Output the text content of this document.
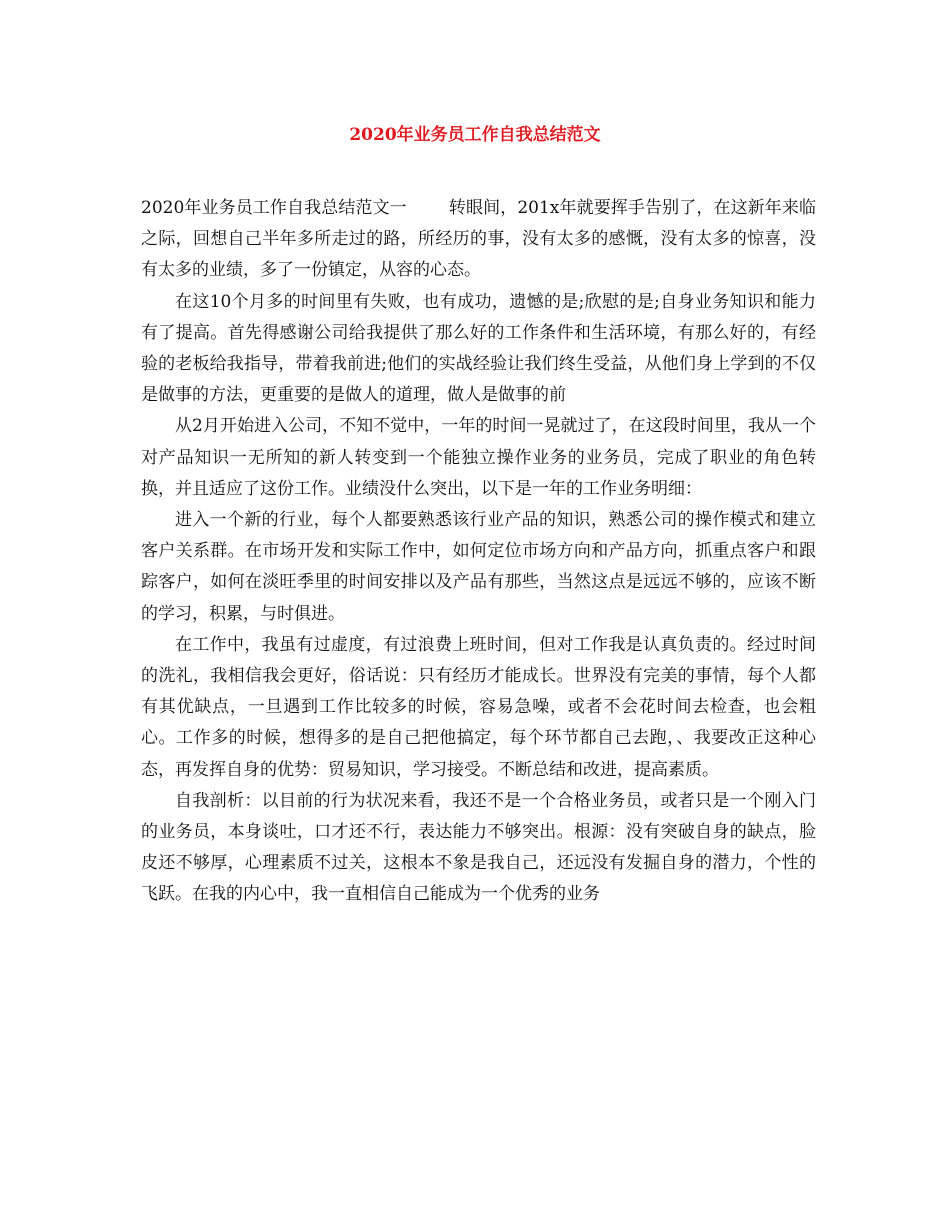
2020年业务员工作自我总结范文

2020年业务员工作自我总结范文一 转眼间，201x年就要挥手告别了，在这新年来临之际，回想自己半年多所走过的路，所经历的事，没有太多的感慨，没有太多的惊喜，没有太多的业绩，多了一份镇定，从容的心态。

在这10个月多的时间里有失败，也有成功，遗憾的是;欣慰的是;自身业务知识和能力有了提高。首先得感谢公司给我提供了那么好的工作条件和生活环境，有那么好的，有经验的老板给我指导，带着我前进;他们的实战经验让我们终生受益，从他们身上学到的不仅是做事的方法，更重要的是做人的道理，做人是做事的前

从2月开始进入公司，不知不觉中，一年的时间一晃就过了，在这段时间里，我从一个对产品知识一无所知的新人转变到一个能独立操作业务的业务员，完成了职业的角色转换，并且适应了这份工作。业绩没什么突出，以下是一年的工作业务明细：

进入一个新的行业，每个人都要熟悉该行业产品的知识，熟悉公司的操作模式和建立客户关系群。在市场开发和实际工作中，如何定位市场方向和产品方向，抓重点客户和跟踪客户，如何在淡旺季里的时间安排以及产品有那些，当然这点是远远不够的，应该不断的学习，积累，与时俱进。

在工作中，我虽有过虚度，有过浪费上班时间，但对工作我是认真负责的。经过时间的洗礼，我相信我会更好，俗话说：只有经历才能成长。世界没有完美的事情，每个人都有其优缺点，一旦遇到工作比较多的时候，容易急噪，或者不会花时间去检查，也会粗心。工作多的时候，想得多的是自己把他搞定，每个环节都自己去跑，、我要改正这种心态，再发挥自身的优势：贸易知识，学习接受。不断总结和改进，提高素质。

自我剖析：以目前的行为状况来看，我还不是一个合格业务员，或者只是一个刚入门的业务员，本身谈吐，口才还不行，表达能力不够突出。根源：没有突破自身的缺点，脸皮还不够厚，心理素质不过关，这根本不象是我自己，还远没有发掘自身的潜力，个性的飞跃。在我的内心中，我一直相信自己能成为一个优秀的业务
